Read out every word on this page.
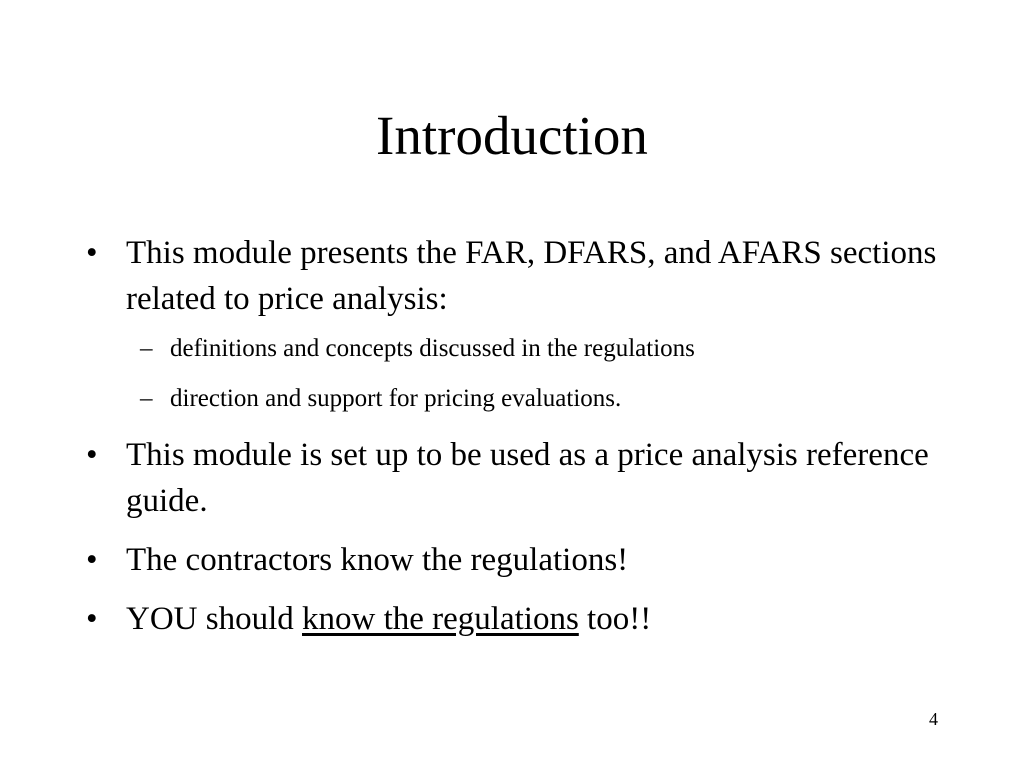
Introduction
• This module presents the FAR, DFARS, and AFARS sections related to price analysis:
– definitions and concepts discussed in the regulations
– direction and support for pricing evaluations.
• This module is set up to be used as a price analysis reference guide.
• The contractors know the regulations!
• YOU should know the regulations too!!
4
